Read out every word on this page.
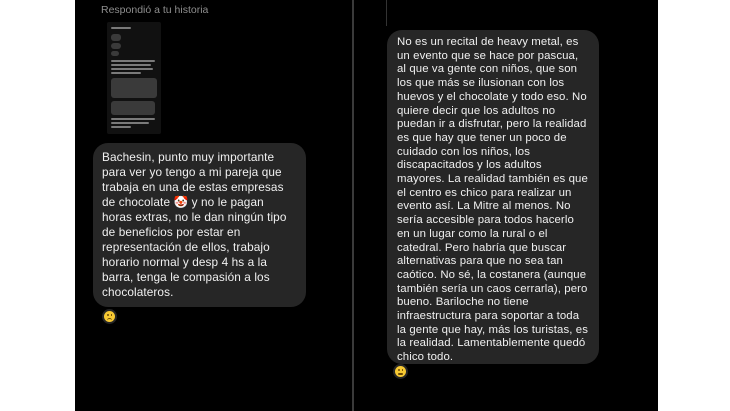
Respondió a tu historia
Bachesin, punto muy importante para ver yo tengo a mi pareja que trabaja en una de estas empresas de chocolate 🤡 y no le pagan horas extras, no le dan ningún tipo de beneficios por estar en representación de ellos, trabajo horario normal y desp 4 hs a la barra, tenga le compasión a los chocolateros.
No es un recital de heavy metal, es un evento que se hace por pascua, al que va gente con niños, que son los que más se ilusionan con los huevos y el chocolate y todo eso. No quiere decir que los adultos no puedan ir a disfrutar, pero la realidad es que hay que tener un poco de cuidado con los niños, los discapacitados y los adultos mayores. La realidad también es que el centro es chico para realizar un evento así. La Mitre al menos. No sería accesible para todos hacerlo en un lugar como la rural o el catedral. Pero habría que buscar alternativas para que no sea tan caótico. No sé, la costanera (aunque también sería un caos cerrarla), pero bueno. Bariloche no tiene infraestructura para soportar a toda la gente que hay, más los turistas, es la realidad. Lamentablemente quedó chico todo.
